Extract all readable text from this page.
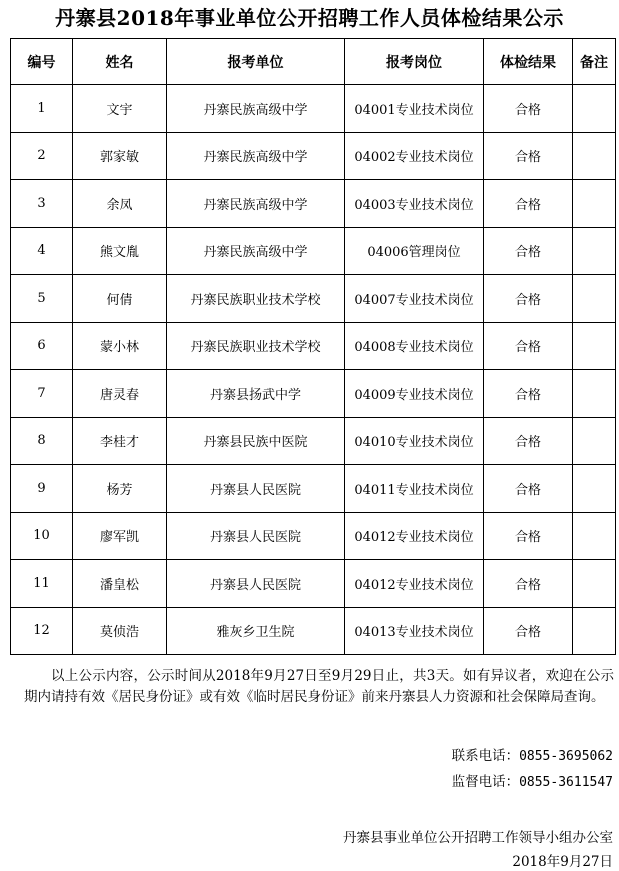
丹寨县2018年事业单位公开招聘工作人员体检结果公示
编号	姓名	报考单位	报考岗位	体检结果	备注
1	文宇	丹寨民族高级中学	04001专业技术岗位	合格	
2	郭家敏	丹寨民族高级中学	04002专业技术岗位	合格	
3	余凤	丹寨民族高级中学	04003专业技术岗位	合格	
4	熊文胤	丹寨民族高级中学	04006管理岗位	合格	
5	何倩	丹寨民族职业技术学校	04007专业技术岗位	合格	
6	蒙小林	丹寨民族职业技术学校	04008专业技术岗位	合格	
7	唐灵春	丹寨县扬武中学	04009专业技术岗位	合格	
8	李桂才	丹寨县民族中医院	04010专业技术岗位	合格	
9	杨芳	丹寨县人民医院	04011专业技术岗位	合格	
10	廖军凯	丹寨县人民医院	04012专业技术岗位	合格	
11	潘皇松	丹寨县人民医院	04012专业技术岗位	合格	
12	莫侦浩	雅灰乡卫生院	04013专业技术岗位	合格	
以上公示内容，公示时间从2018年9月27日至9月29日止，共3天。如有异议者，欢迎在公示期内请持有效《居民身份证》或有效《临时居民身份证》前来丹寨县人力资源和社会保障局查询。
联系电话：0855-3695062
监督电话：0855-3611547
丹寨县事业单位公开招聘工作领导小组办公室
2018年9月27日
